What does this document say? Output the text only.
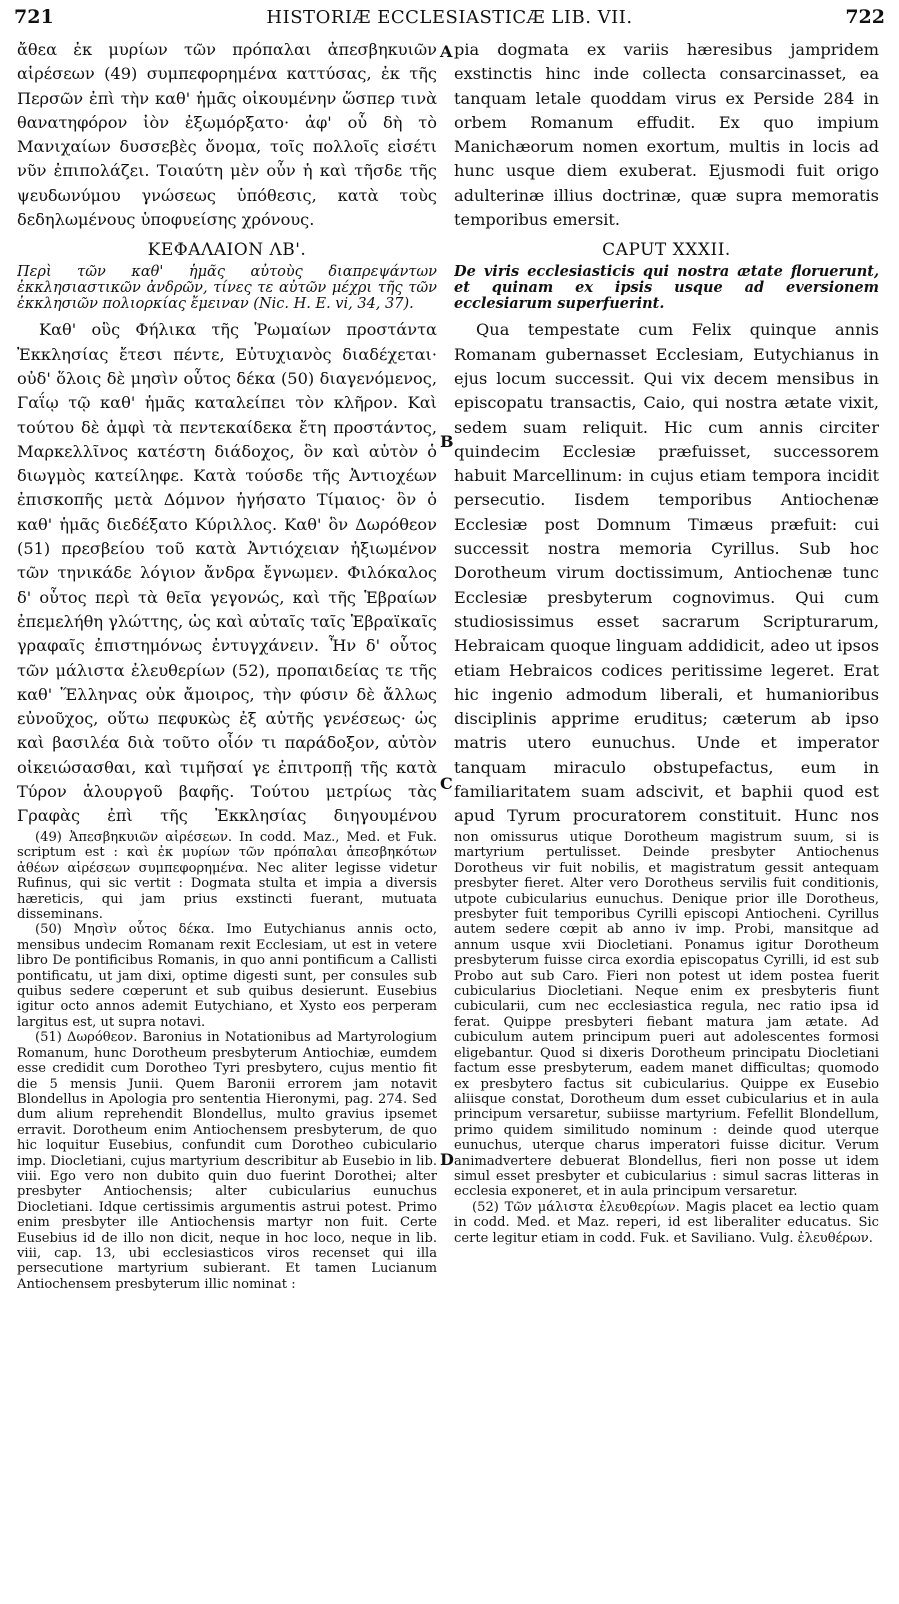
721	HISTORIÆ ECCLESIASTICÆ LIB. VII.	722

ἄθεα ἐκ μυρίων τῶν πρόπαλαι ἀπεσβηκυιῶν αἱρέσεων (49) συμπεφορημένα καττύσας, ἐκ τῆς Περσῶν ἐπὶ τὴν καθ' ἡμᾶς οἰκουμένην ὥσπερ τινὰ θανατηφόρον ἰὸν ἐξωμόρξατο· ἀφ' οὗ δὴ τὸ Μανιχαίων δυσσεβὲς ὄνομα, τοῖς πολλοῖς εἰσέτι νῦν ἐπιπολάζει. Τοιαύτη μὲν οὖν ἡ καὶ τῆσδε τῆς ψευδωνύμου γνώσεως ὑπόθεσις, κατὰ τοὺς δεδηλωμένους ὑποφυείσης χρόνους.

ΚΕΦΑΛΑΙΟΝ ΛΒ'.

Περὶ τῶν καθ' ἡμᾶς αὐτοὺς διαπρεψάντων ἐκκλησιαστικῶν ἀνδρῶν, τίνες τε αὐτῶν μέχρι τῆς τῶν ἐκκλησιῶν πολιορκίας ἔμειναν (Nic. H. E. vi, 34, 37).

Καθ' οὓς Φήλικα τῆς Ῥωμαίων προστάντα Ἐκκλησίας ἔτεσι πέντε, Εὐτυχιανὸς διαδέχεται· οὐδ' ὅλοις δὲ μησὶν οὗτος δέκα (50) διαγενόμενος, Γαΐῳ τῷ καθ' ἡμᾶς καταλείπει τὸν κλῆρον. Καὶ τούτου δὲ ἀμφὶ τὰ πεντεκαίδεκα ἔτη προστάντος, Μαρκελλῖνος κατέστη διάδοχος, ὃν καὶ αὐτὸν ὁ διωγμὸς κατείληφε. Κατὰ τούσδε τῆς Ἀντιοχέων ἐπισκοπῆς μετὰ Δόμνον ἡγήσατο Τίμαιος· ὃν ὁ καθ' ἡμᾶς διεδέξατο Κύριλλος. Καθ' ὃν Δωρόθεον (51) πρεσβείου τοῦ κατὰ Ἀντιόχειαν ἠξιωμένον τῶν τηνικάδε λόγιον ἄνδρα ἔγνωμεν. Φιλόκαλος δ' οὗτος περὶ τὰ θεῖα γεγονώς, καὶ τῆς Ἑβραίων ἐπεμελήθη γλώττης, ὡς καὶ αὐταῖς ταῖς Ἑβραϊκαῖς γραφαῖς ἐπιστημόνως ἐντυγχάνειν. Ἦν δ' οὗτος τῶν μάλιστα ἐλευθερίων (52), προπαιδείας τε τῆς καθ' Ἕλληνας οὐκ ἄμοιρος, τὴν φύσιν δὲ ἄλλως εὐνοῦχος, οὕτω πεφυκὼς ἐξ αὐτῆς γενέσεως· ὡς καὶ βασιλέα διὰ τοῦτο οἷόν τι παράδοξον, αὐτὸν οἰκειώσασθαι, καὶ τιμῆσαί γε ἐπιτροπῇ τῆς κατὰ Τύρον ἁλουργοῦ βαφῆς. Τούτου μετρίως τὰς Γραφὰς ἐπὶ τῆς Ἐκκλησίας διηγουμένου

pia dogmata ex variis hæresibus jampridem exstinctis hinc inde collecta consarcinasset, ea tanquam letale quoddam virus ex Perside 284 in orbem Romanum effudit. Ex quo impium Manichæorum nomen exortum, multis in locis ad hunc usque diem exuberat. Ejusmodi fuit origo adulterinæ illius doctrinæ, quæ supra memoratis temporibus emersit.

CAPUT XXXII.

De viris ecclesiasticis qui nostra ætate floruerunt, et quinam ex ipsis usque ad eversionem ecclesiarum superfuerint.

Qua tempestate cum Felix quinque annis Romanam gubernasset Ecclesiam, Eutychianus in ejus locum successit. Qui vix decem mensibus in episcopatu transactis, Caio, qui nostra ætate vixit, sedem suam reliquit. Hic cum annis circiter quindecim Ecclesiæ præfuisset, successorem habuit Marcellinum: in cujus etiam tempora incidit persecutio. Iisdem temporibus Antiochenæ Ecclesiæ post Domnum Timæus præfuit: cui successit nostra memoria Cyrillus. Sub hoc Dorotheum virum doctissimum, Antiochenæ tunc Ecclesiæ presbyterum cognovimus. Qui cum studiosissimus esset sacrarum Scripturarum, Hebraicam quoque linguam addidicit, adeo ut ipsos etiam Hebraicos codices peritissime legeret. Erat hic ingenio admodum liberali, et humanioribus disciplinis apprime eruditus; cæterum ab ipso matris utero eunuchus. Unde et imperator tanquam miraculo obstupefactus, eum in familiaritatem suam adscivit, et baphii quod est apud Tyrum procuratorem constituit. Hunc nos

A
B
C
D

(49) Ἀπεσβηκυιῶν αἱρέσεων. In codd. Maz., Med. et Fuk. scriptum est : καὶ ἐκ μυρίων τῶν πρόπαλαι ἀπεσβηκότων ἀθέων αἱρέσεων συμπεφορημένα. Nec aliter legisse videtur Rufinus, qui sic vertit : Dogmata stulta et impia a diversis hæreticis, qui jam prius exstincti fuerant, mutuata disseminans.

(50) Μησὶν οὗτος δέκα. Imo Eutychianus annis octo, mensibus undecim Romanam rexit Ecclesiam, ut est in vetere libro De pontificibus Romanis, in quo anni pontificum a Callisti pontificatu, ut jam dixi, optime digesti sunt, per consules sub quibus sedere cœperunt et sub quibus desierunt. Eusebius igitur octo annos ademit Eutychiano, et Xysto eos perperam largitus est, ut supra notavi.

(51) Δωρόθεον. Baronius in Notationibus ad Martyrologium Romanum, hunc Dorotheum presbyterum Antiochiæ, eumdem esse credidit cum Dorotheo Tyri presbytero, cujus mentio fit die 5 mensis Junii. Quem Baronii errorem jam notavit Blondellus in Apologia pro sententia Hieronymi, pag. 274. Sed dum alium reprehendit Blondellus, multo gravius ipsemet erravit. Dorotheum enim Antiochensem presbyterum, de quo hic loquitur Eusebius, confundit cum Dorotheo cubiculario imp. Diocletiani, cujus martyrium describitur ab Eusebio in lib. viii. Ego vero non dubito quin duo fuerint Dorothei; alter presbyter Antiochensis; alter cubicularius eunuchus Diocletiani. Idque certissimis argumentis astrui potest. Primo enim presbyter ille Antiochensis martyr non fuit. Certe Eusebius id de illo non dicit, neque in hoc loco, neque in lib. viii, cap. 13, ubi ecclesiasticos viros recenset qui illa persecutione martyrium subierant. Et tamen Lucianum Antiochensem presbyterum illic nominat :

non omissurus utique Dorotheum magistrum suum, si is martyrium pertulisset. Deinde presbyter Antiochenus Dorotheus vir fuit nobilis, et magistratum gessit antequam presbyter fieret. Alter vero Dorotheus servilis fuit conditionis, utpote cubicularius eunuchus. Denique prior ille Dorotheus, presbyter fuit temporibus Cyrilli episcopi Antiocheni. Cyrillus autem sedere cœpit ab anno iv imp. Probi, mansitque ad annum usque xvii Diocletiani. Ponamus igitur Dorotheum presbyterum fuisse circa exordia episcopatus Cyrilli, id est sub Probo aut sub Caro. Fieri non potest ut idem postea fuerit cubicularius Diocletiani. Neque enim ex presbyteris fiunt cubicularii, cum nec ecclesiastica regula, nec ratio ipsa id ferat. Quippe presbyteri fiebant matura jam ætate. Ad cubiculum autem principum pueri aut adolescentes formosi eligebantur. Quod si dixeris Dorotheum principatu Diocletiani factum esse presbyterum, eadem manet difficultas; quomodo ex presbytero factus sit cubicularius. Quippe ex Eusebio aliisque constat, Dorotheum dum esset cubicularius et in aula principum versaretur, subiisse martyrium. Fefellit Blondellum, primo quidem similitudo nominum : deinde quod uterque eunuchus, uterque charus imperatori fuisse dicitur. Verum animadvertere debuerat Blondellus, fieri non posse ut idem simul esset presbyter et cubicularius : simul sacras litteras in ecclesia exponeret, et in aula principum versaretur.

(52) Τῶν μάλιστα ἐλευθερίων. Magis placet ea lectio quam in codd. Med. et Maz. reperi, id est liberaliter educatus. Sic certe legitur etiam in codd. Fuk. et Saviliano. Vulg. ἐλευθέρων.
